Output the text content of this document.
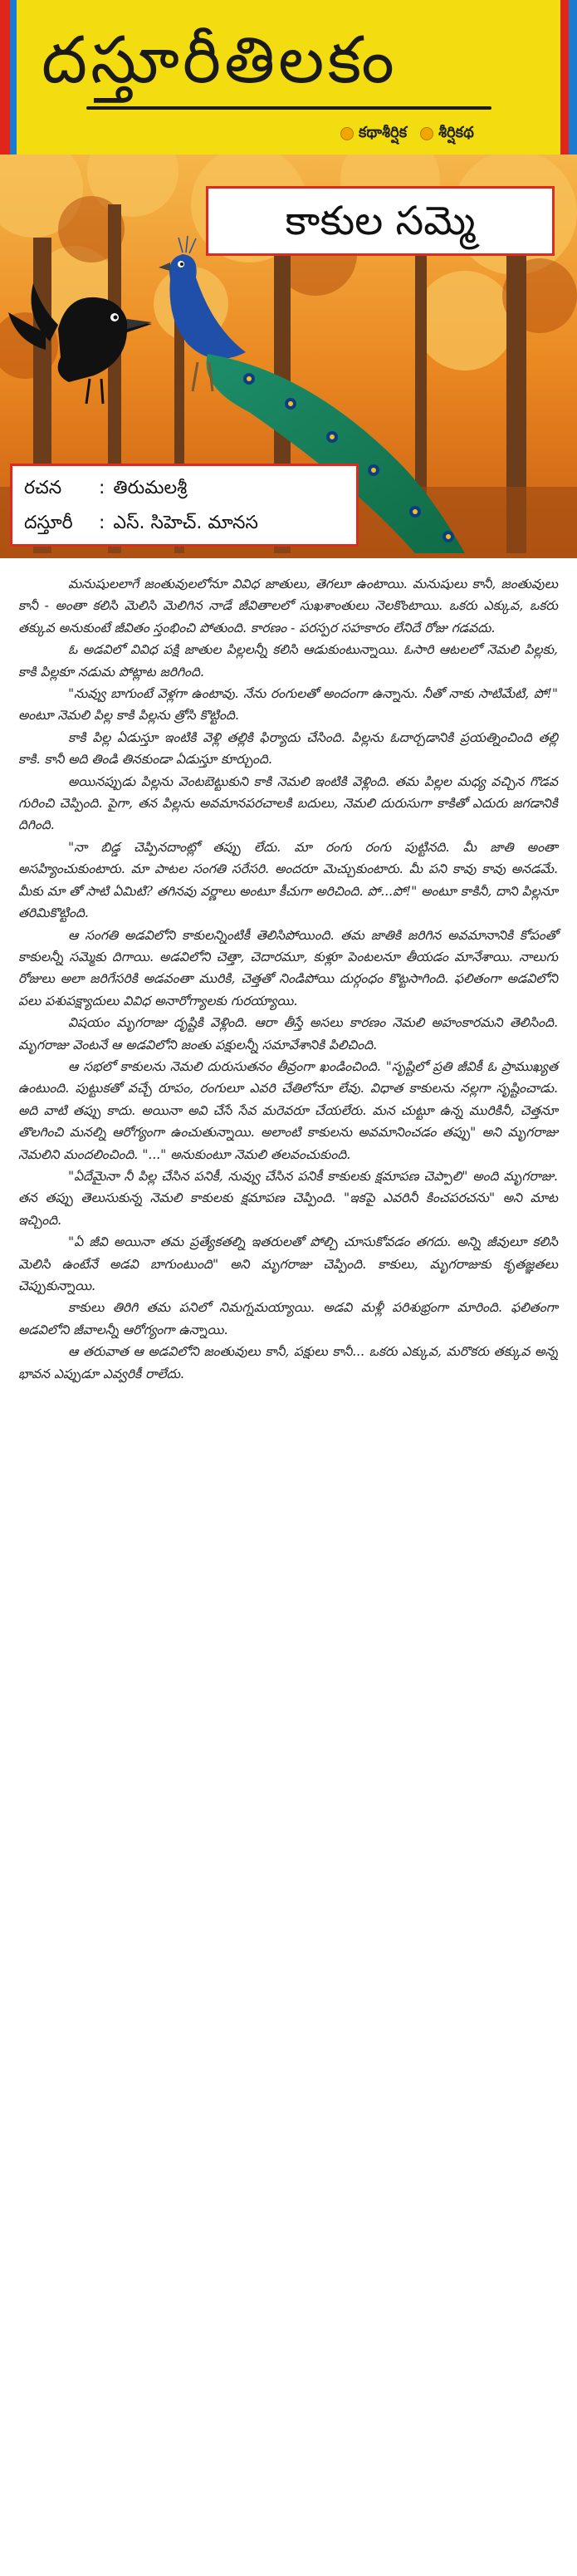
దస్తూరీతిలకం
కథాశీర్షిక శీర్షికథ
కాకుల సమ్మె
రచన	: తిరుమలశ్రీ
దస్తూరీ	: ఎస్. సిహెచ్. మానస

మనుషులలాగే జంతువులలోనూ వివిధ జాతులు, తెగలూ ఉంటాయి. మనుషులు కానీ, జంతువులు కానీ - అంతా కలిసి మెలిసి మెలిగిన నాడే జీవితాలలో సుఖశాంతులు నెలకొంటాయి. ఒకరు ఎక్కువ, ఒకరు తక్కువ అనుకుంటే జీవితం స్తంభించి పోతుంది. కారణం - పరస్పర సహకారం లేనిదే రోజు గడవదు.

ఓ అడవిలో వివిధ పక్షి జాతుల పిల్లలన్నీ కలిసి ఆడుకుంటున్నాయి. ఓసారి ఆటలలో నెమలి పిల్లకు, కాకి పిల్లకూ నడుమ పోట్లాట జరిగింది.

"నువ్వు బాగుంటే వెళ్లగా ఉంటావు. నేను రంగులతో అందంగా ఉన్నాను. నీతో నాకు సాటిమేటి, పో!" అంటూ నెమలి పిల్ల కాకి పిల్లను త్రోసి కొట్టింది.

కాకి పిల్ల ఏడుస్తూ ఇంటికి వెళ్లి తల్లికి ఫిర్యాదు చేసింది. పిల్లను ఓదార్చడానికి ప్రయత్నించింది తల్లి కాకి. కానీ అది తిండి తినకుండా ఏడుస్తూ కూర్చుంది.

అయినప్పుడు పిల్లను వెంటబెట్టుకుని కాకి నెమలి ఇంటికి వెళ్లింది. తమ పిల్లల మధ్య వచ్చిన గొడవ గురించి చెప్పింది. పైగా, తన పిల్లను అవమానపరచాలకి బదులు, నెమలి దురుసుగా కాకితో ఎదురు జగడానికి దిగింది.

"నా బిడ్డ చెప్పినదాంట్లో తప్పు లేదు. మా రంగు రంగు పుట్టినది. మీ జాతి అంతా అసహ్యించుకుంటారు. మా పాటల సంగతి సరేసరి. అందరూ మెచ్చుకుంటారు. మీ పని కావు కావు అనడమే. మీకు మా తో సాటి ఏమిటి? తగినవు వర్ణాలు అంటూ కీచుగా అరిచింది. పో...పో!" అంటూ కాకినీ, దాని పిల్లనూ తరిమికొట్టింది.

ఆ సంగతి అడవిలోని కాకులన్నింటికీ తెలిసిపోయింది. తమ జాతికి జరిగిన అవమానానికి కోపంతో కాకులన్నీ సమ్మెకు దిగాయి. అడవిలోని చెత్తా, చెదారమూ, కుళ్లూ పెంటలనూ తీయడం మానేశాయి. నాలుగు రోజులు అలా జరిగేసరికి అడవంతా మురికి, చెత్తతో నిండిపోయి దుర్గంధం కొట్టసాగింది. ఫలితంగా అడవిలోని పలు పశుపక్ష్యాదులు వివిధ అనారోగ్యాలకు గురయ్యాయి.

విషయం మృగరాజు దృష్టికి వెళ్లింది. ఆరా తీస్తే అసలు కారణం నెమలి అహంకారమని తెలిసింది. మృగరాజు వెంటనే ఆ అడవిలోని జంతు పక్షులన్నీ సమావేశానికి పిలిచింది.

ఆ సభలో కాకులను నెమలి దురుసుతనం తీవ్రంగా ఖండించింది. "సృష్టిలో ప్రతి జీవికీ ఓ ప్రాముఖ్యత ఉంటుంది. పుట్టుకతో వచ్చే రూపం, రంగులూ ఎవరి చేతిలోనూ లేవు. విధాత కాకులను నల్లగా సృష్టించాడు. అది వాటి తప్పు కాదు. అయినా అవి చేసే సేవ మరెవరూ చేయలేరు. మన చుట్టూ ఉన్న మురికినీ, చెత్తనూ తొలగించి మనల్ని ఆరోగ్యంగా ఉంచుతున్నాయి. అలాంటి కాకులను అవమానించడం తప్పు" అని మృగరాజు నెమలిని మందలించింది. "..." అనుకుంటూ నెమలి తలవంచుకుంది.

"ఏదేమైనా నీ పిల్ల చేసిన పనికీ, నువ్వు చేసిన పనికీ కాకులకు క్షమాపణ చెప్పాలి" అంది మృగరాజు. తన తప్పు తెలుసుకున్న నెమలి కాకులకు క్షమాపణ చెప్పింది. "ఇకపై ఎవరినీ కించపరచను" అని మాట ఇచ్చింది.

"ఏ జీవి అయినా తమ ప్రత్యేకతల్ని ఇతరులతో పోల్చి చూసుకోవడం తగదు. అన్ని జీవులూ కలిసి మెలిసి ఉంటేనే అడవి బాగుంటుంది" అని మృగరాజు చెప్పింది. కాకులు, మృగరాజుకు కృతజ్ఞతలు చెప్పుకున్నాయి.

కాకులు తిరిగి తమ పనిలో నిమగ్నమయ్యాయి. అడవి మళ్లీ పరిశుభ్రంగా మారింది. ఫలితంగా అడవిలోని జీవాలన్నీ ఆరోగ్యంగా ఉన్నాయి.

ఆ తరువాత ఆ అడవిలోని జంతువులు కానీ, పక్షులు కానీ... ఒకరు ఎక్కువ, మరొకరు తక్కువ అన్న భావన ఎప్పుడూ ఎవ్వరికీ రాలేదు.
